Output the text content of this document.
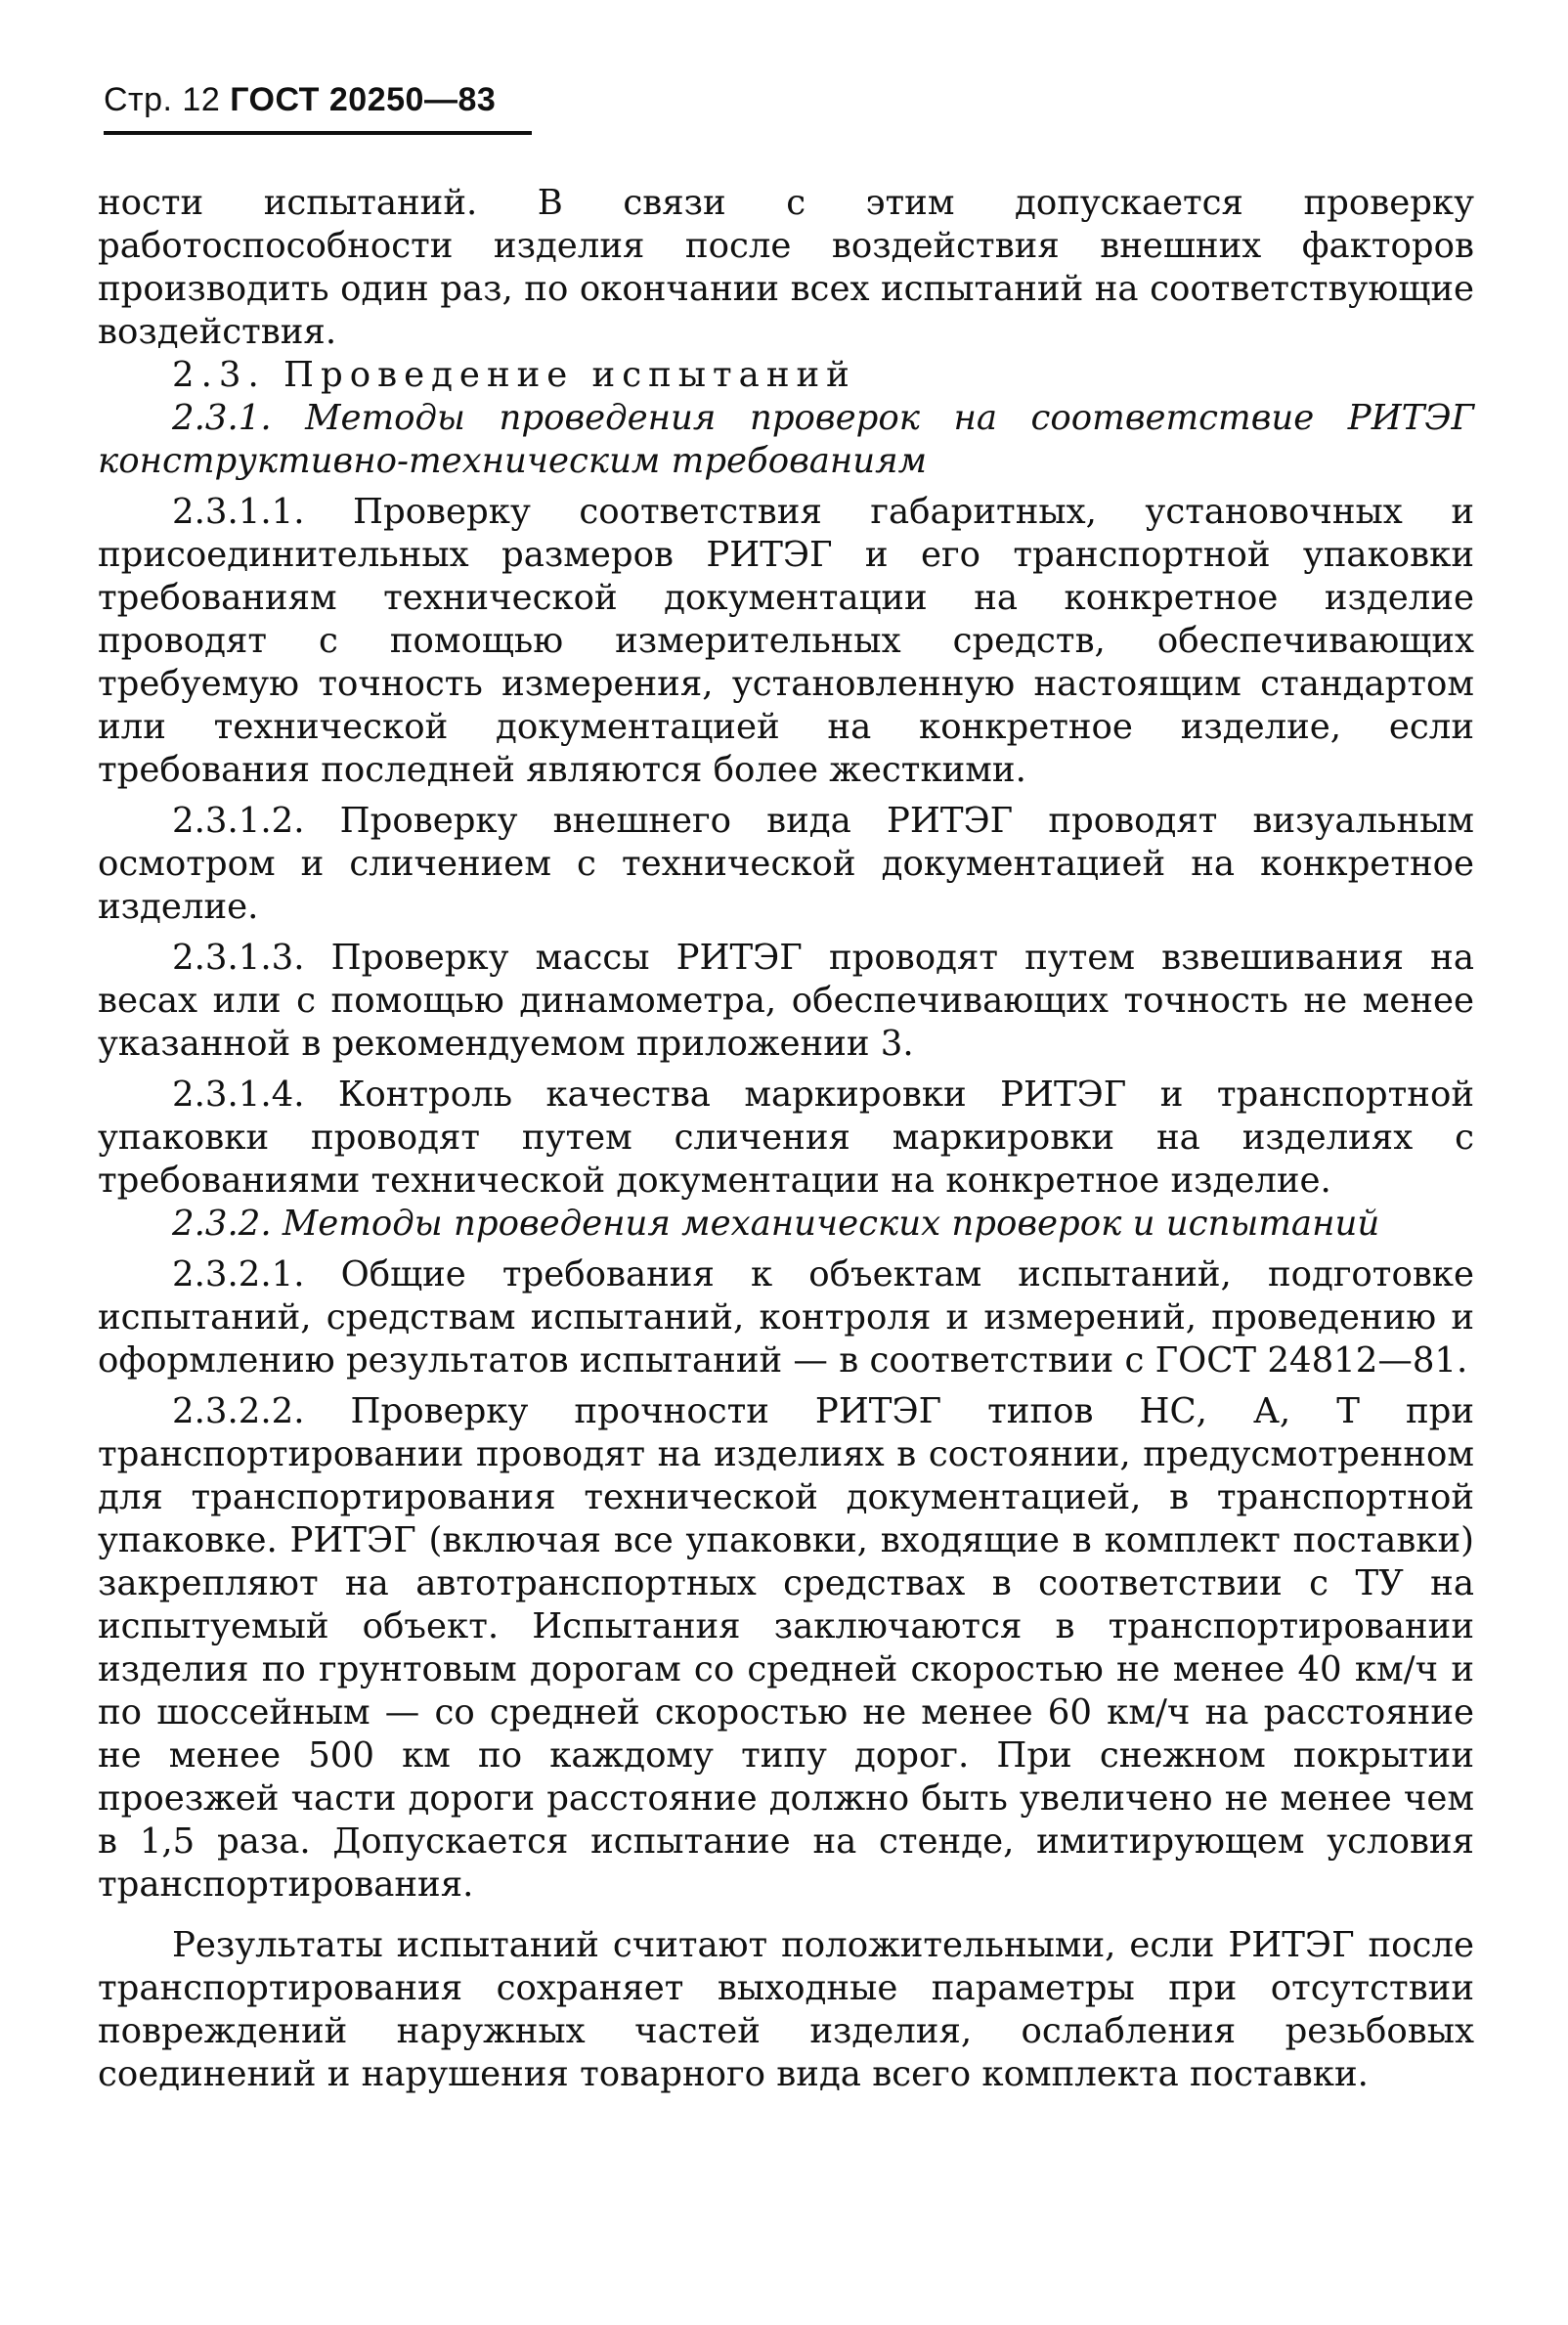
Стр. 12 ГОСТ 20250—83

ности испытаний. В связи с этим допускается проверку работоспособности изделия после воздействия внешних факторов производить один раз, по окончании всех испытаний на соответствующие воздействия.

2.3. Проведение испытаний

2.3.1. Методы проведения проверок на соответствие РИТЭГ конструктивно-техническим требованиям

2.3.1.1. Проверку соответствия габаритных, установочных и присоединительных размеров РИТЭГ и его транспортной упаковки требованиям технической документации на конкретное изделие проводят с помощью измерительных средств, обеспечивающих требуемую точность измерения, установленную настоящим стандартом или технической документацией на конкретное изделие, если требования последней являются более жесткими.

2.3.1.2. Проверку внешнего вида РИТЭГ проводят визуальным осмотром и сличением с технической документацией на конкретное изделие.

2.3.1.3. Проверку массы РИТЭГ проводят путем взвешивания на весах или с помощью динамометра, обеспечивающих точность не менее указанной в рекомендуемом приложении 3.

2.3.1.4. Контроль качества маркировки РИТЭГ и транспортной упаковки проводят путем сличения маркировки на изделиях с требованиями технической документации на конкретное изделие.

2.3.2. Методы проведения механических проверок и испытаний

2.3.2.1. Общие требования к объектам испытаний, подготовке испытаний, средствам испытаний, контроля и измерений, проведению и оформлению результатов испытаний — в соответствии с ГОСТ 24812—81.

2.3.2.2. Проверку прочности РИТЭГ типов НС, А, Т при транспортировании проводят на изделиях в состоянии, предусмотренном для транспортирования технической документацией, в транспортной упаковке. РИТЭГ (включая все упаковки, входящие в комплект поставки) закрепляют на автотранспортных средствах в соответствии с ТУ на испытуемый объект. Испытания заключаются в транспортировании изделия по грунтовым дорогам со средней скоростью не менее 40 км/ч и по шоссейным — со средней скоростью не менее 60 км/ч на расстояние не менее 500 км по каждому типу дорог. При снежном покрытии проезжей части дороги расстояние должно быть увеличено не менее чем в 1,5 раза. Допускается испытание на стенде, имитирующем условия транспортирования.

Результаты испытаний считают положительными, если РИТЭГ после транспортирования сохраняет выходные параметры при отсутствии повреждений наружных частей изделия, ослабления резьбовых соединений и нарушения товарного вида всего комплекта поставки.
